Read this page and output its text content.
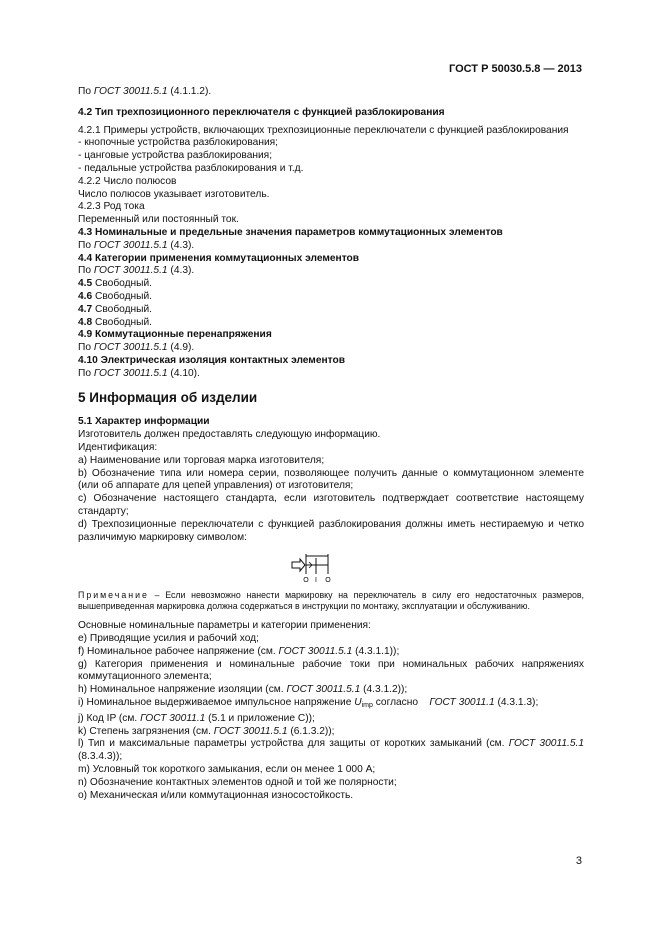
ГОСТ Р 50030.5.8 — 2013

По ГОСТ 30011.5.1 (4.1.1.2).

4.2 Тип трехпозиционного переключателя с функцией разблокирования

4.2.1 Примеры устройств, включающих трехпозиционные переключатели с функцией разблокирования

- кнопочные устройства разблокирования;

- цанговые устройства разблокирования;

- педальные устройства разблокирования и т.д.

4.2.2 Число полюсов

Число полюсов указывает изготовитель.

4.2.3 Род тока

Переменный или постоянный ток.

4.3 Номинальные и предельные значения параметров коммутационных элементов

По ГОСТ 30011.5.1 (4.3).

4.4 Категории применения коммутационных элементов

По ГОСТ 30011.5.1 (4.3).

4.5 Свободный.

4.6 Свободный.

4.7 Свободный.

4.8 Свободный.

4.9 Коммутационные перенапряжения

По ГОСТ 30011.5.1 (4.9).

4.10 Электрическая изоляция контактных элементов

По ГОСТ 30011.5.1 (4.10).

5 Информация об изделии

5.1 Характер информации

Изготовитель должен предоставлять следующую информацию.

Идентификация:

а) Наименование или торговая марка изготовителя;

b) Обозначение типа или номера серии, позволяющее получить данные о коммутационном элементе (или об аппарате для цепей управления) от изготовителя;

c) Обозначение настоящего стандарта, если изготовитель подтверждает соответствие настоящему стандарту;

d) Трехпозиционные переключатели с функцией разблокирования должны иметь нестираемую и четко различимую маркировку символом:

O I O

Примечание – Если невозможно нанести маркировку на переключатель в силу его недостаточных размеров, вышеприведенная маркировка должна содержаться в инструкции по монтажу, эксплуатации и обслуживанию.

Основные номинальные параметры и категории применения:

e) Приводящие усилия и рабочий ход;

f) Номинальное рабочее напряжение (см. ГОСТ 30011.5.1 (4.3.1.1));

g) Категория применения и номинальные рабочие токи при номинальных рабочих напряжениях коммутационного элемента;

h) Номинальное напряжение изоляции (см. ГОСТ 30011.5.1 (4.3.1.2));

i) Номинальное выдерживаемое импульсное напряжение $U_{imp}$ согласно    ГОСТ 30011.1 (4.3.1.3);

j) Код IP (см. ГОСТ 30011.1 (5.1 и приложение C));

k) Степень загрязнения (см. ГОСТ 30011.5.1 (6.1.3.2));

l) Тип и максимальные параметры устройства для защиты от коротких замыканий (см. ГОСТ 30011.5.1 (8.3.4.3));

m) Условный ток короткого замыкания, если он менее 1 000 А;

n) Обозначение контактных элементов одной и той же полярности;

o) Механическая и/или коммутационная износостойкость.

3
